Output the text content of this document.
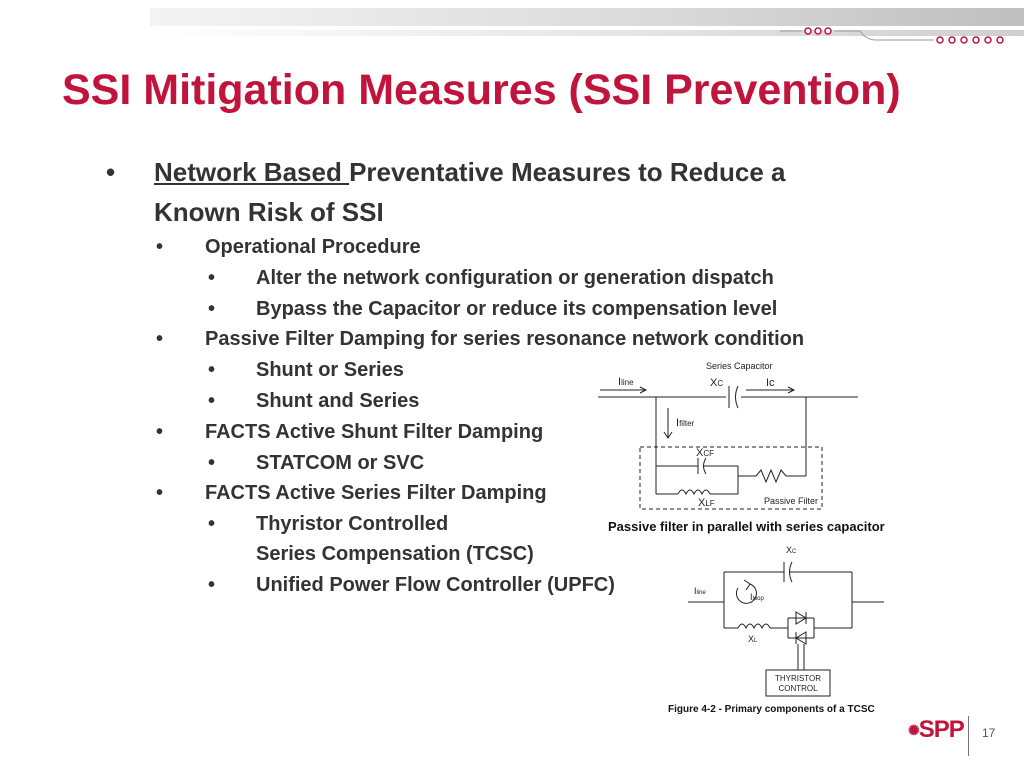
SSI Mitigation Measures (SSI Prevention)
• Network Based Preventative Measures to Reduce a
Known Risk of SSI
• Operational Procedure
• Alter the network configuration or generation dispatch
• Bypass the Capacitor or reduce its compensation level
• Passive Filter Damping for series resonance network condition
• Shunt or Series
• Shunt and Series
• FACTS Active Shunt Filter Damping
• STATCOM or SVC
• FACTS Active Series Filter Damping
• Thyristor Controlled
Series Compensation (TCSC)
• Unified Power Flow Controller (UPFC)
Series Capacitor
Iline	XC	Ic
Ifilter
XCF
XLF	Passive Filter
Passive filter in parallel with series capacitor
XC
Iline	Iloop
XL
THYRISTOR
CONTROL
Figure 4-2 - Primary components of a TCSC
✺SPP 17
